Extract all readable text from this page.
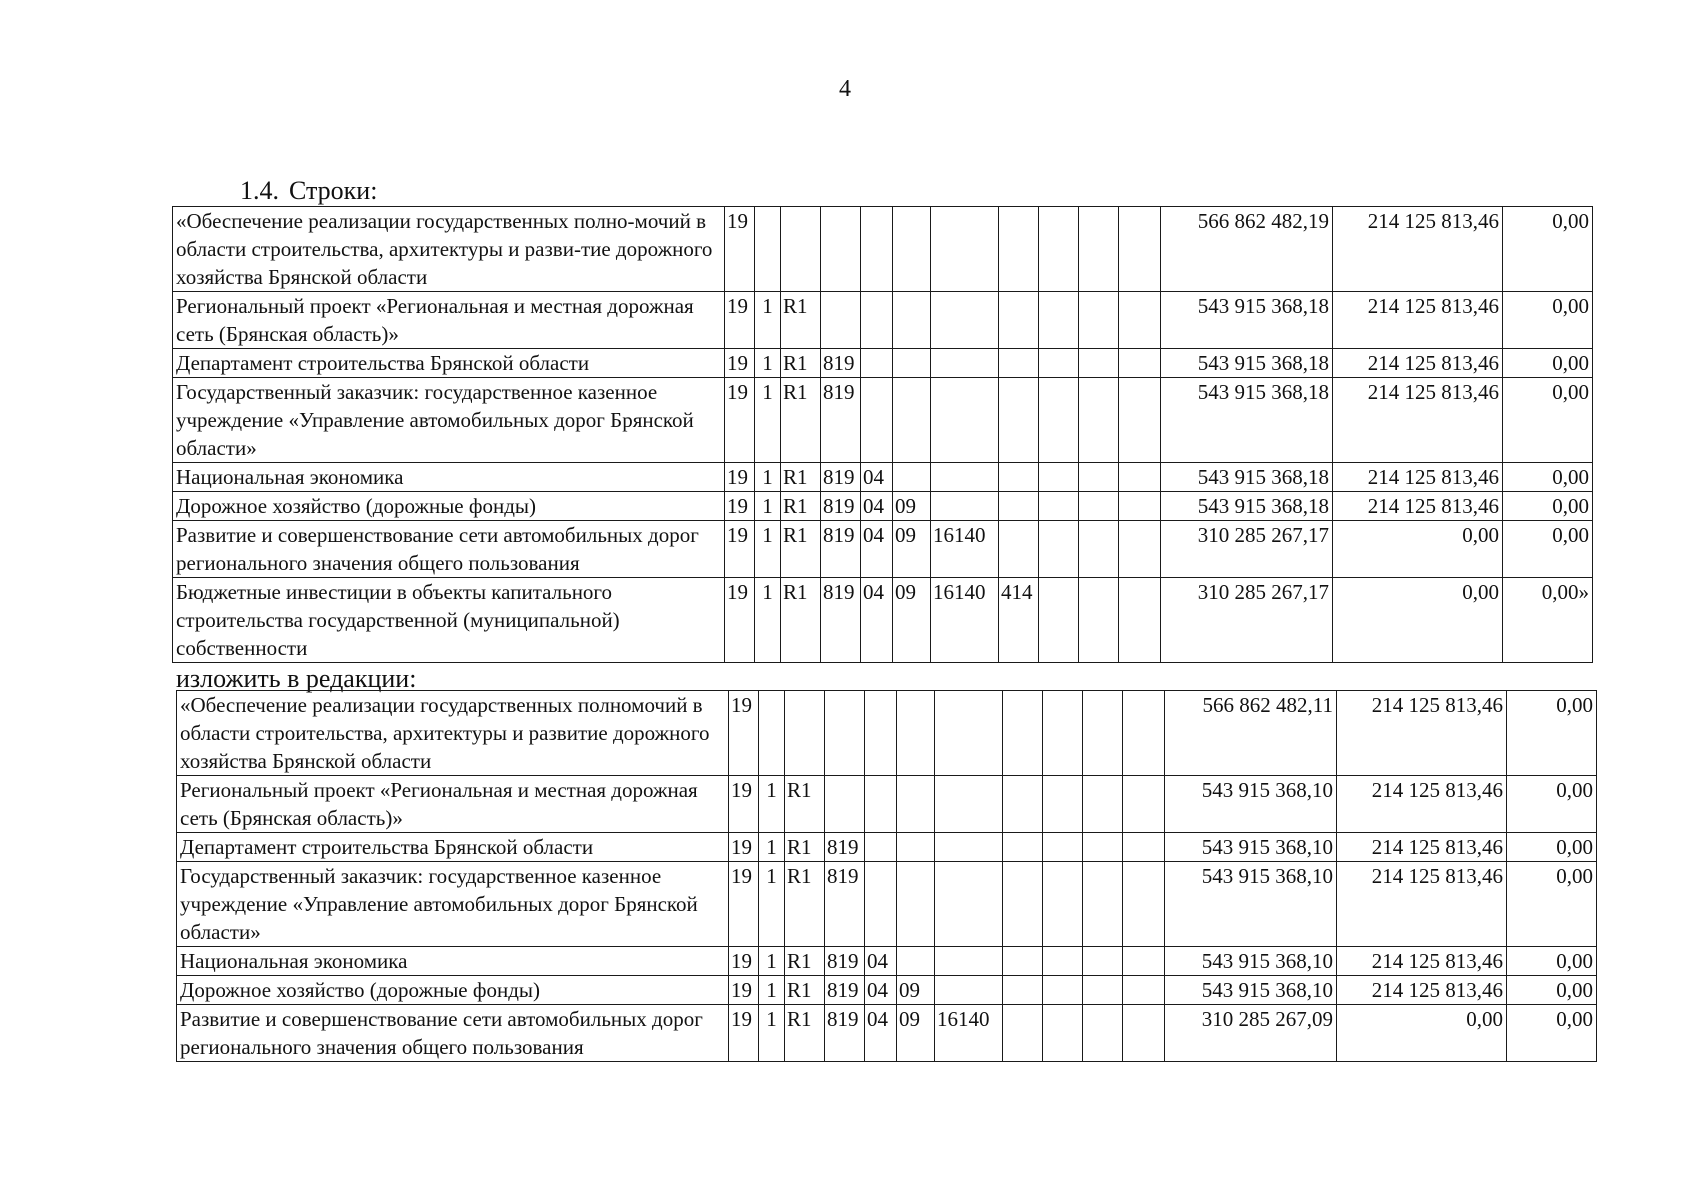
4
1.4. Строки:
«Обеспечение реализации государственных полно-мочий в области строительства, архитектуры и разви-тие дорожного хозяйства Брянской области	19											566 862 482,19	214 125 813,46	0,00
Региональный проект «Региональная и местная дорожная сеть (Брянская область)»	19	1	R1									543 915 368,18	214 125 813,46	0,00
Департамент строительства Брянской области	19	1	R1	819								543 915 368,18	214 125 813,46	0,00
Государственный заказчик: государственное казенное учреждение «Управление автомобильных дорог Брянской области»	19	1	R1	819								543 915 368,18	214 125 813,46	0,00
Национальная экономика	19	1	R1	819	04							543 915 368,18	214 125 813,46	0,00
Дорожное хозяйство (дорожные фонды)	19	1	R1	819	04	09						543 915 368,18	214 125 813,46	0,00
Развитие и совершенствование сети автомобильных дорог регионального значения общего пользования	19	1	R1	819	04	09	16140					310 285 267,17	0,00	0,00
Бюджетные инвестиции в объекты капитального строительства государственной (муниципальной) собственности	19	1	R1	819	04	09	16140	414				310 285 267,17	0,00	0,00»
изложить в редакции:
«Обеспечение реализации государственных полномочий в области строительства, архитектуры и развитие дорожного хозяйства Брянской области	19											566 862 482,11	214 125 813,46	0,00
Региональный проект «Региональная и местная дорожная сеть (Брянская область)»	19	1	R1									543 915 368,10	214 125 813,46	0,00
Департамент строительства Брянской области	19	1	R1	819								543 915 368,10	214 125 813,46	0,00
Государственный заказчик: государственное казенное учреждение «Управление автомобильных дорог Брянской области»	19	1	R1	819								543 915 368,10	214 125 813,46	0,00
Национальная экономика	19	1	R1	819	04							543 915 368,10	214 125 813,46	0,00
Дорожное хозяйство (дорожные фонды)	19	1	R1	819	04	09						543 915 368,10	214 125 813,46	0,00
Развитие и совершенствование сети автомобильных дорог регионального значения общего пользования	19	1	R1	819	04	09	16140					310 285 267,09	0,00	0,00
